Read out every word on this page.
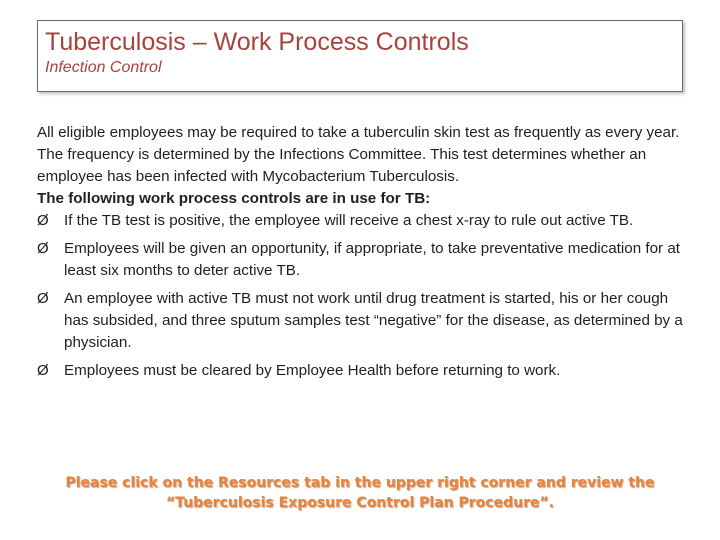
Tuberculosis – Work Process Controls
Infection Control

All eligible employees may be required to take a tuberculin skin test as frequently as every year. The frequency is determined by the Infections Committee. This test determines whether an employee has been infected with Mycobacterium Tuberculosis.

The following work process controls are in use for TB:

Ø If the TB test is positive, the employee will receive a chest x-ray to rule out active TB.
Ø Employees will be given an opportunity, if appropriate, to take preventative medication for at least six months to deter active TB.
Ø An employee with active TB must not work until drug treatment is started, his or her cough has subsided, and three sputum samples test “negative” for the disease, as determined by a physician.
Ø Employees must be cleared by Employee Health before returning to work.
Please click on the Resources tab in the upper right corner and review the
“Tuberculosis Exposure Control Plan Procedure”.
